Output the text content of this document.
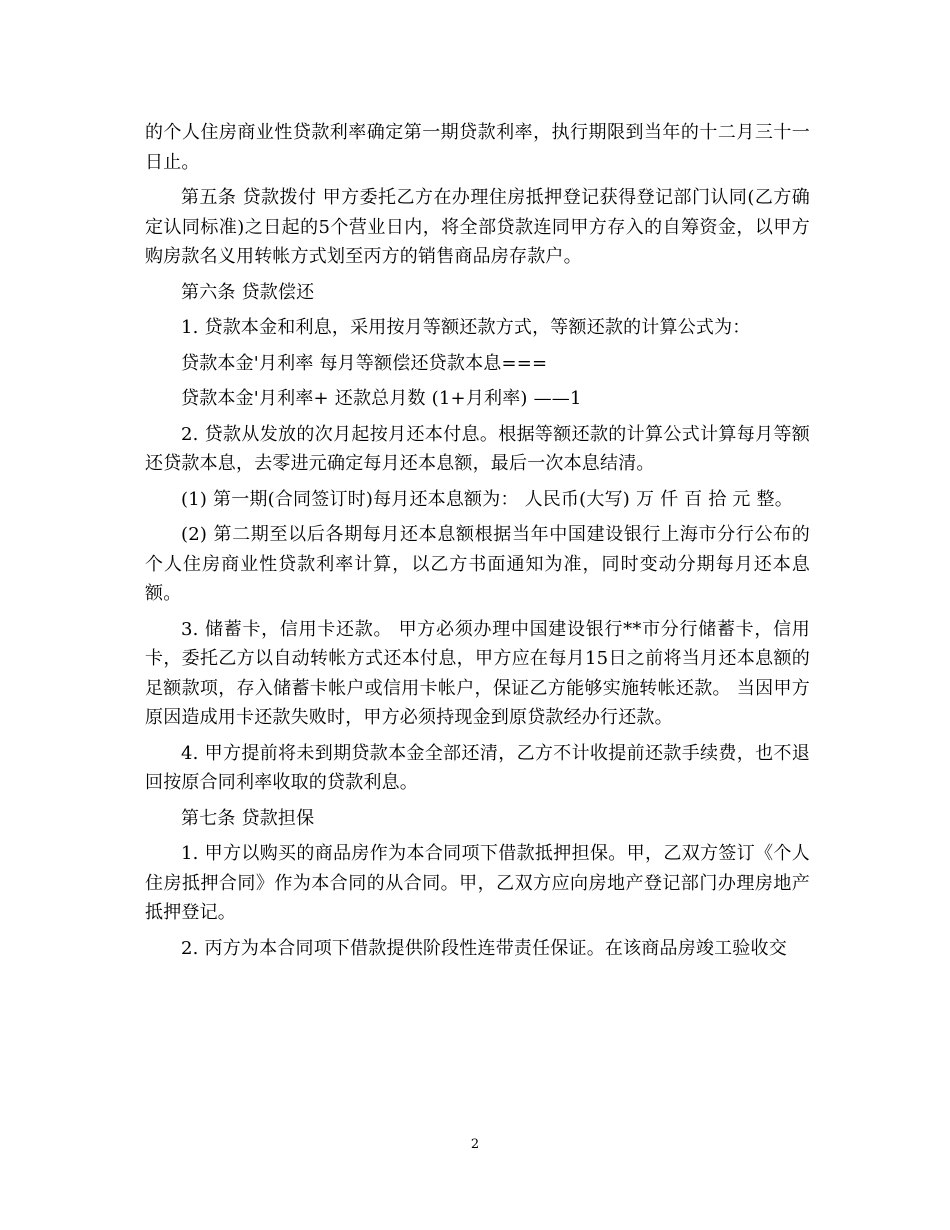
的个人住房商业性贷款利率确定第一期贷款利率，执行期限到当年的十二月三十一日止。

第五条 贷款拨付 甲方委托乙方在办理住房抵押登记获得登记部门认同(乙方确定认同标准)之日起的5个营业日内，将全部贷款连同甲方存入的自筹资金，以甲方购房款名义用转帐方式划至丙方的销售商品房存款户。

第六条 贷款偿还

1. 贷款本金和利息，采用按月等额还款方式，等额还款的计算公式为：

贷款本金'月利率 每月等额偿还贷款本息===

贷款本金'月利率+ 还款总月数 (1+月利率) ——1

2. 贷款从发放的次月起按月还本付息。根据等额还款的计算公式计算每月等额还贷款本息，去零进元确定每月还本息额，最后一次本息结清。

(1) 第一期(合同签订时)每月还本息额为： 人民币(大写) 万 仟 百 拾 元 整。

(2) 第二期至以后各期每月还本息额根据当年中国建设银行上海市分行公布的个人住房商业性贷款利率计算，以乙方书面通知为准，同时变动分期每月还本息额。

3. 储蓄卡，信用卡还款。 甲方必须办理中国建设银行**市分行储蓄卡，信用卡，委托乙方以自动转帐方式还本付息，甲方应在每月15日之前将当月还本息额的足额款项，存入储蓄卡帐户或信用卡帐户，保证乙方能够实施转帐还款。 当因甲方原因造成用卡还款失败时，甲方必须持现金到原贷款经办行还款。

4. 甲方提前将未到期贷款本金全部还清，乙方不计收提前还款手续费，也不退回按原合同利率收取的贷款利息。

第七条 贷款担保

1. 甲方以购买的商品房作为本合同项下借款抵押担保。甲，乙双方签订《个人住房抵押合同》作为本合同的从合同。甲，乙双方应向房地产登记部门办理房地产抵押登记。

2. 丙方为本合同项下借款提供阶段性连带责任保证。在该商品房竣工验收交

2
